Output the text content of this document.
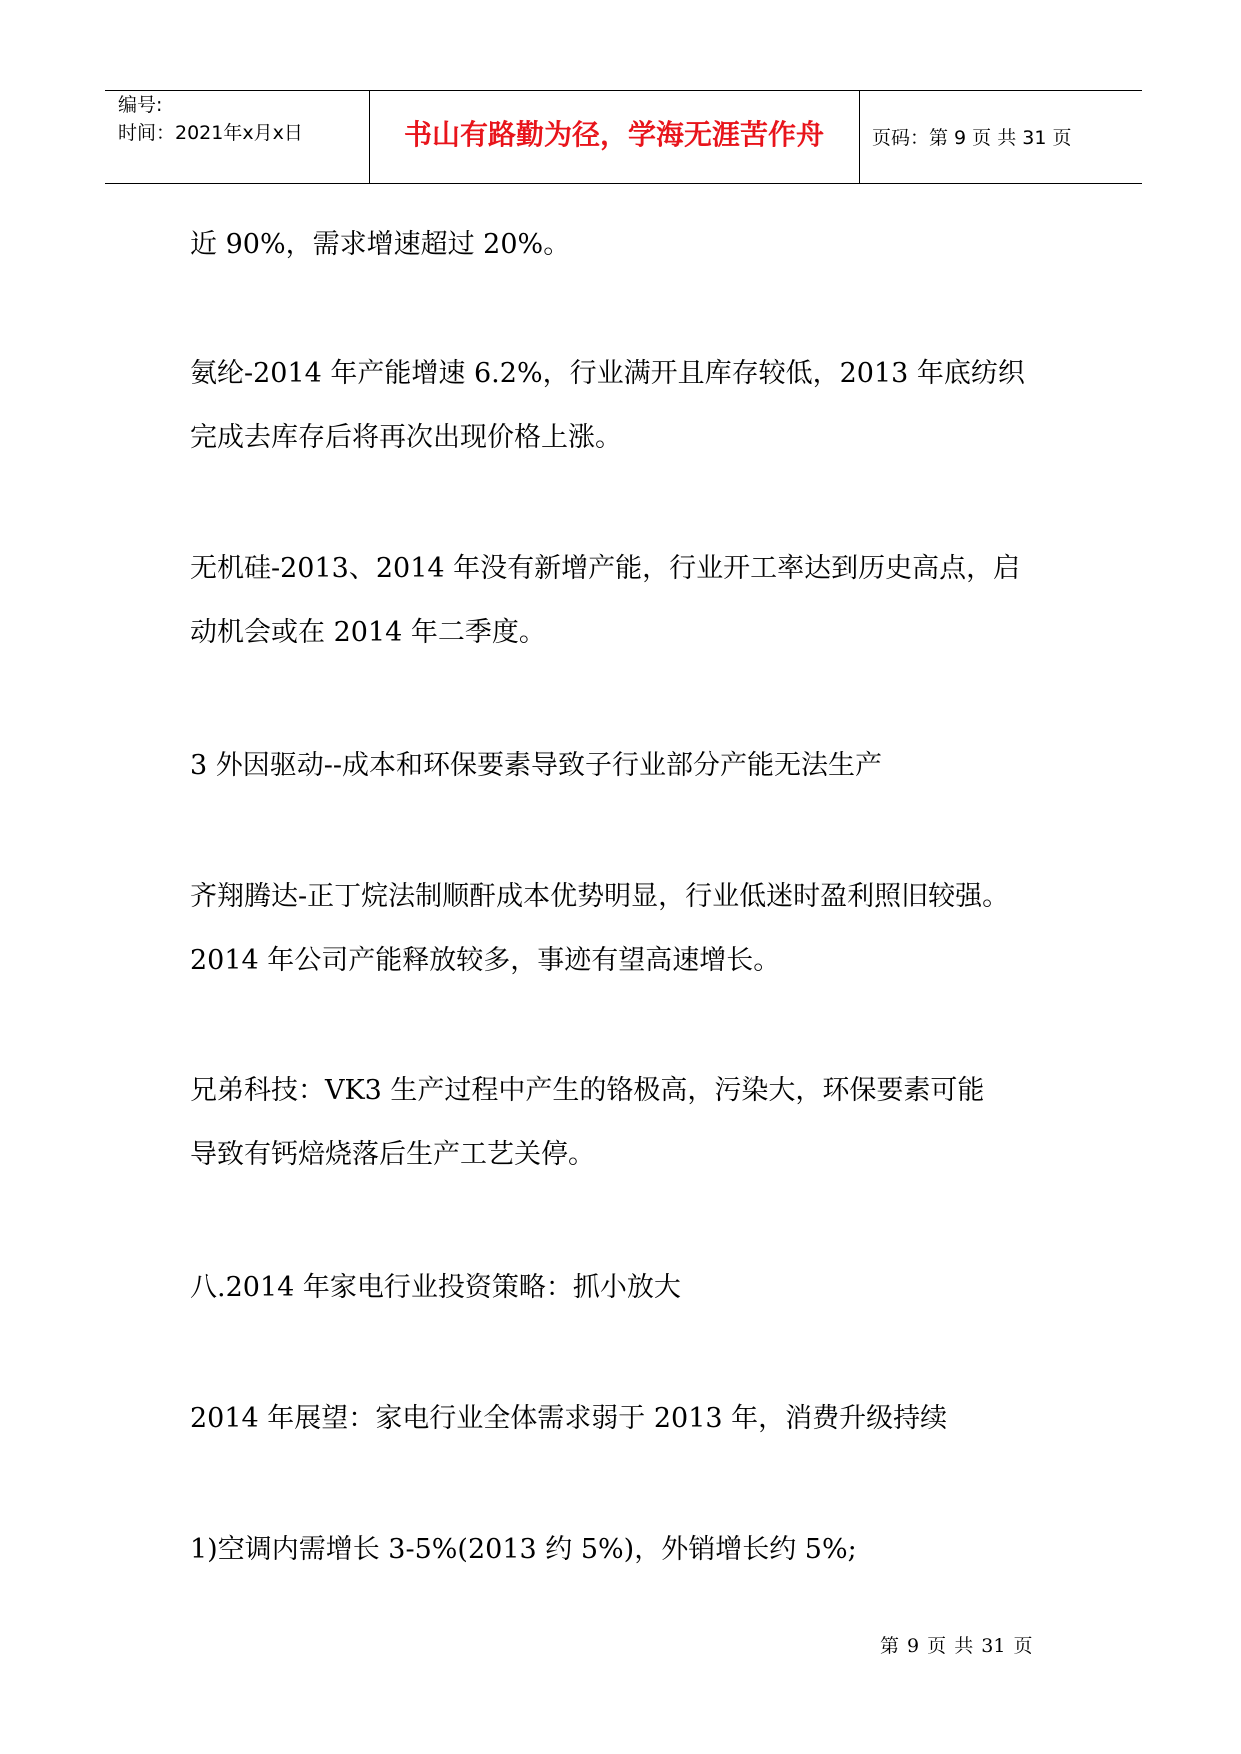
编号:
时间：2021年x月x日	书山有路勤为径，学海无涯苦作舟	页码：第 9 页 共 31 页
近 90%，需求增速超过 20%。
氨纶-2014 年产能增速 6.2%，行业满开且库存较低，2013 年底纺织
完成去库存后将再次出现价格上涨。
无机硅-2013、2014 年没有新增产能，行业开工率达到历史高点，启
动机会或在 2014 年二季度。
3 外因驱动--成本和环保要素导致子行业部分产能无法生产
齐翔腾达-正丁烷法制顺酐成本优势明显，行业低迷时盈利照旧较强。
2014 年公司产能释放较多，事迹有望高速增长。
兄弟科技：VK3 生产过程中产生的铬极高，污染大，环保要素可能
导致有钙焙烧落后生产工艺关停。
八.2014 年家电行业投资策略：抓小放大
2014 年展望：家电行业全体需求弱于 2013 年，消费升级持续
1)空调内需增长 3-5%(2013 约 5%)，外销增长约 5%;
第 9 页 共 31 页
